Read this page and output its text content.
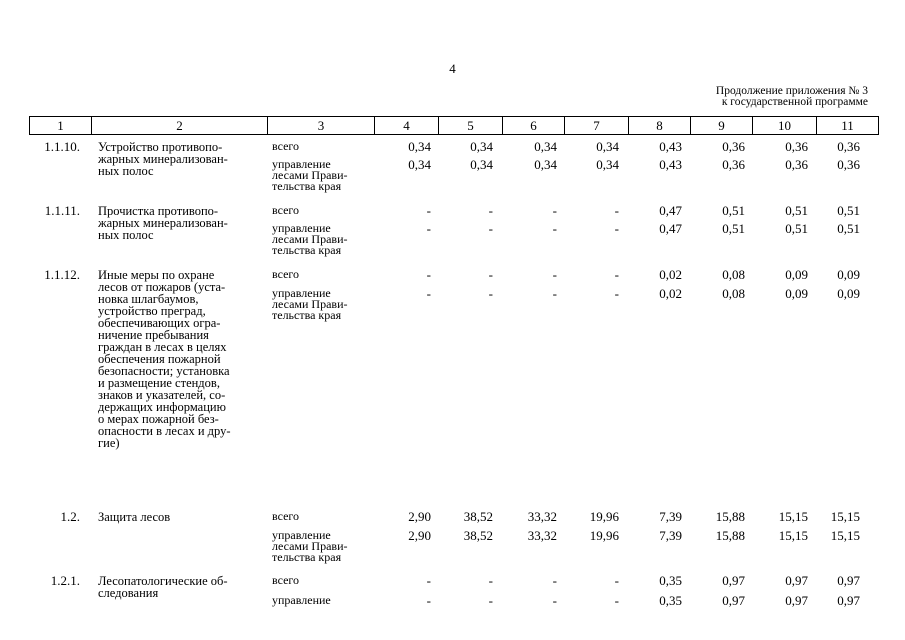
4
Продолжение приложения № 3
к государственной программе
1	2	3	4	5	6	7	8	9	10	11
1.1.10. Устройство противопо-
жарных минерализован-
ных полос
всего	0,34	0,34	0,34	0,34	0,43	0,36	0,36 0,36
управление
лесами Прави-
тельства края
0,34	0,34	0,34	0,34	0,43	0,36	0,36 0,36
1.1.11. Прочистка противопо-
жарных минерализован-
ных полос
всего	-	-	-	-	0,47	0,51	0,51 0,51
управление
лесами Прави-
тельства края
-	-	-	-	0,47	0,51	0,51 0,51
1.1.12. Иные меры по охране
лесов от пожаров (уста-
новка шлагбаумов,
устройство преград,
обеспечивающих огра-
ничение пребывания
граждан в лесах в целях
обеспечения пожарной
безопасности; установка
и размещение стендов,
знаков и указателей, со-
держащих информацию
о мерах пожарной без-
опасности в лесах и дру-
гие)
всего	-	-	-	-	0,02	0,08	0,09 0,09
управление
лесами Прави-
тельства края
-	-	-	-	0,02	0,08	0,09 0,09
1.2. Защита лесов	всего	2,90	38,52	33,32	19,96	7,39	15,88	15,15 15,15
управление
лесами Прави-
тельства края
2,90	38,52	33,32	19,96	7,39	15,88	15,15 15,15
1.2.1. Лесопатологические об-
следования
всего	-	-	-	-	0,35	0,97	0,97 0,97
управление	-	-	-	-	0,35	0,97	0,97 0,97
